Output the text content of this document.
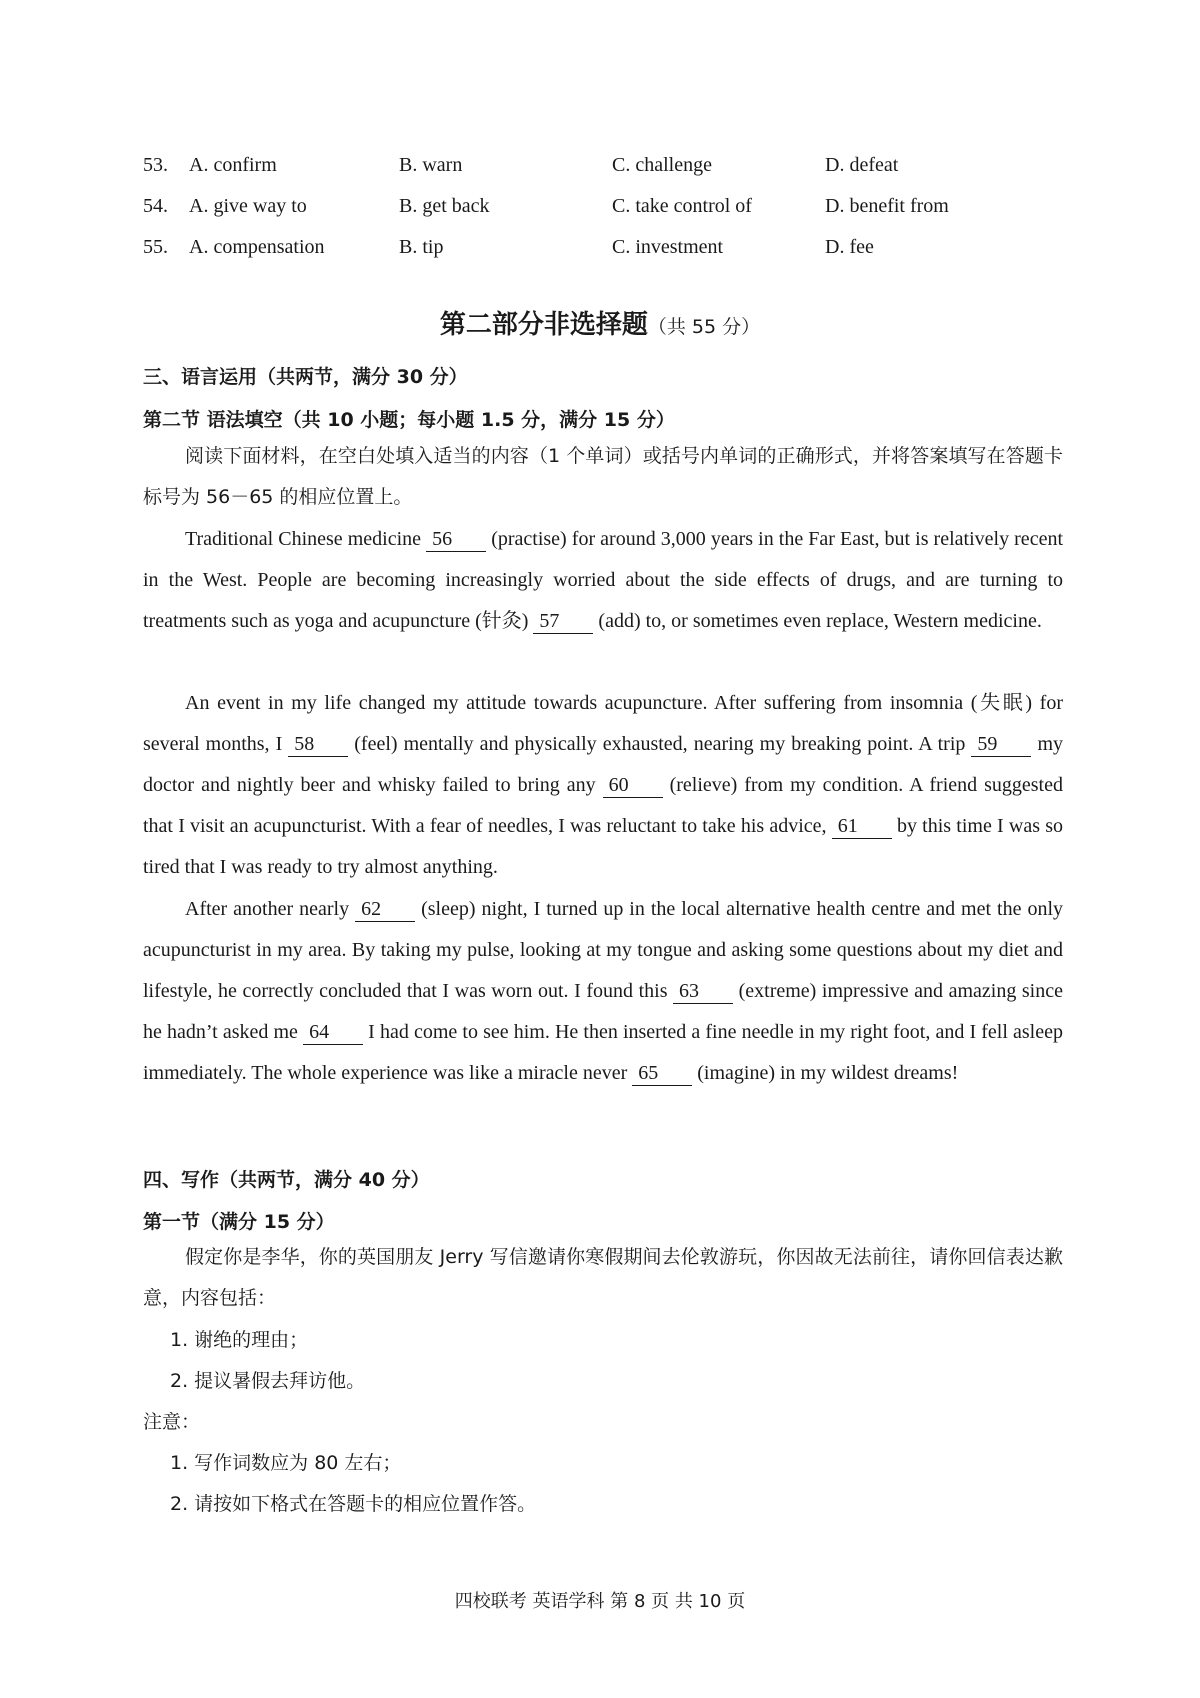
53. A. confirm	B. warn	C. challenge	D. defeat
54. A. give way to	B. get back	C. take control of	D. benefit from
55. A. compensation	B. tip	C. investment	D. fee
第二部分非选择题（共 55 分）
三、语言运用（共两节，满分 30 分）
第二节 语法填空（共 10 小题；每小题 1.5 分，满分 15 分）
阅读下面材料，在空白处填入适当的内容（1 个单词）或括号内单词的正确形式，并将答案填写在答题卡标号为 56－65 的相应位置上。
Traditional Chinese medicine 56 (practise) for around 3,000 years in the Far East, but is relatively recent in the West. People are becoming increasingly worried about the side effects of drugs, and are turning to treatments such as yoga and acupuncture (针灸) 57 (add) to, or sometimes even replace, Western medicine.
An event in my life changed my attitude towards acupuncture. After suffering from insomnia (失眠) for several months, I 58 (feel) mentally and physically exhausted, nearing my breaking point. A trip 59 my doctor and nightly beer and whisky failed to bring any 60 (relieve) from my condition. A friend suggested that I visit an acupuncturist. With a fear of needles, I was reluctant to take his advice, 61 by this time I was so tired that I was ready to try almost anything.
After another nearly 62 (sleep) night, I turned up in the local alternative health centre and met the only acupuncturist in my area. By taking my pulse, looking at my tongue and asking some questions about my diet and lifestyle, he correctly concluded that I was worn out. I found this 63 (extreme) impressive and amazing since he hadn’t asked me 64 I had come to see him. He then inserted a fine needle in my right foot, and I fell asleep immediately. The whole experience was like a miracle never 65 (imagine) in my wildest dreams!
四、写作（共两节，满分 40 分）
第一节（满分 15 分）
假定你是李华，你的英国朋友 Jerry 写信邀请你寒假期间去伦敦游玩，你因故无法前往，请你回信表达歉意，内容包括：
1. 谢绝的理由；
2. 提议暑假去拜访他。
注意：
1. 写作词数应为 80 左右；
2. 请按如下格式在答题卡的相应位置作答。
四校联考 英语学科 第 8 页 共 10 页
